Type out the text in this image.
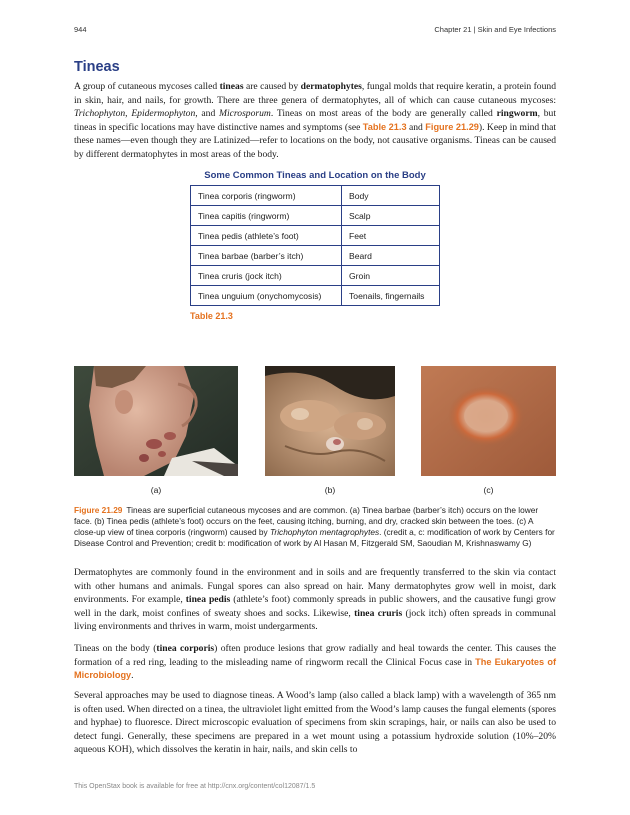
944	Chapter 21 | Skin and Eye Infections
Tineas

A group of cutaneous mycoses called tineas are caused by dermatophytes, fungal molds that require keratin, a protein found in skin, hair, and nails, for growth. There are three genera of dermatophytes, all of which can cause cutaneous mycoses: Trichophyton, Epidermophyton, and Microsporum. Tineas on most areas of the body are generally called ringworm, but tineas in specific locations may have distinctive names and symptoms (see Table 21.3 and Figure 21.29). Keep in mind that these names—even though they are Latinized—refer to locations on the body, not causative organisms. Tineas can be caused by different dermatophytes in most areas of the body.

Some Common Tineas and Location on the Body
Tinea corporis (ringworm)	Body
Tinea capitis (ringworm)	Scalp
Tinea pedis (athlete’s foot)	Feet
Tinea barbae (barber’s itch)	Beard
Tinea cruris (jock itch)	Groin
Tinea unguium (onychomycosis)	Toenails, fingernails
Table 21.3
(a)	(b)	(c)

Figure 21.29 Tineas are superficial cutaneous mycoses and are common. (a) Tinea barbae (barber’s itch) occurs on the lower face. (b) Tinea pedis (athlete’s foot) occurs on the feet, causing itching, burning, and dry, cracked skin between the toes. (c) A close-up view of tinea corporis (ringworm) caused by Trichophyton mentagrophytes. (credit a, c: modification of work by Centers for Disease Control and Prevention; credit b: modification of work by Al Hasan M, Fitzgerald SM, Saoudian M, Krishnaswamy G)

Dermatophytes are commonly found in the environment and in soils and are frequently transferred to the skin via contact with other humans and animals. Fungal spores can also spread on hair. Many dermatophytes grow well in moist, dark environments. For example, tinea pedis (athlete’s foot) commonly spreads in public showers, and the causative fungi grow well in the dark, moist confines of sweaty shoes and socks. Likewise, tinea cruris (jock itch) often spreads in communal living environments and thrives in warm, moist undergarments.

Tineas on the body (tinea corporis) often produce lesions that grow radially and heal towards the center. This causes the formation of a red ring, leading to the misleading name of ringworm recall the Clinical Focus case in The Eukaryotes of Microbiology.

Several approaches may be used to diagnose tineas. A Wood’s lamp (also called a black lamp) with a wavelength of 365 nm is often used. When directed on a tinea, the ultraviolet light emitted from the Wood’s lamp causes the fungal elements (spores and hyphae) to fluoresce. Direct microscopic evaluation of specimens from skin scrapings, hair, or nails can also be used to detect fungi. Generally, these specimens are prepared in a wet mount using a potassium hydroxide solution (10%–20% aqueous KOH), which dissolves the keratin in hair, nails, and skin cells to

This OpenStax book is available for free at http://cnx.org/content/col12087/1.5
